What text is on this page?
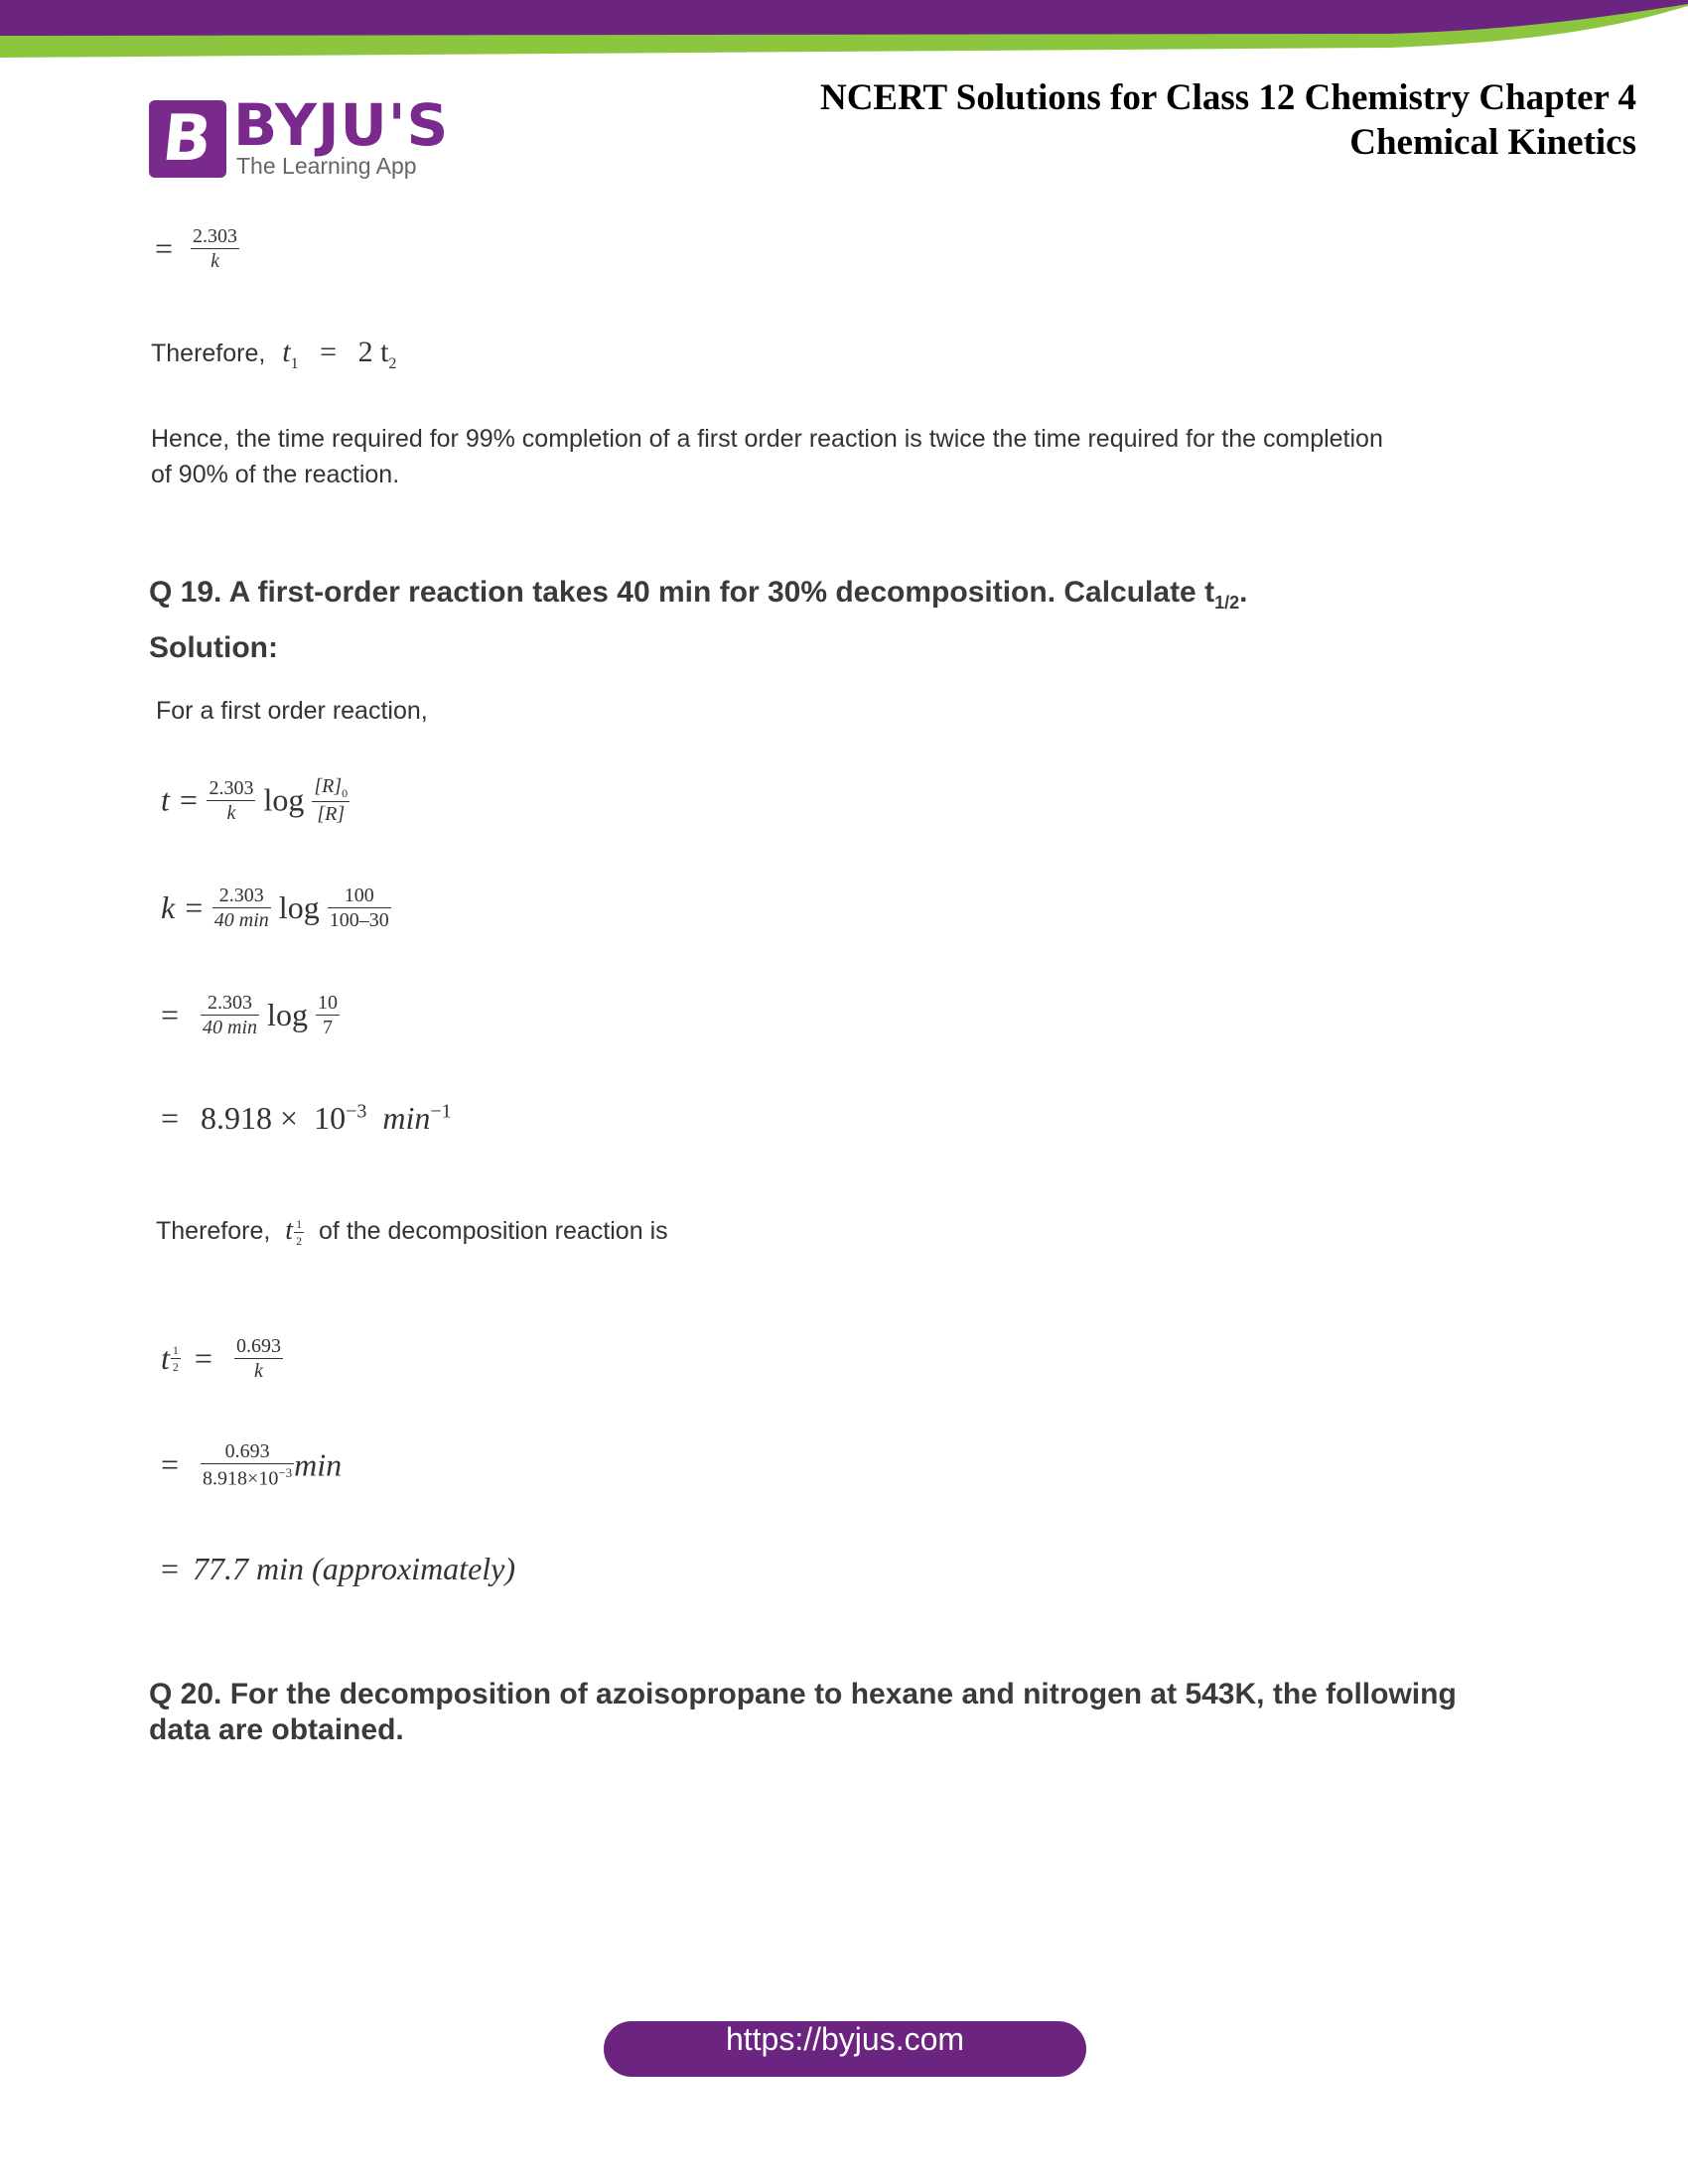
B BYJU'S
The Learning App
NCERT Solutions for Class 12 Chemistry Chapter 4
Chemical Kinetics
= $\frac{2.303}{k}$
Therefore, $t_1 = 2$ $t_2$
Hence, the time required for 99% completion of a first order reaction is twice the time required for the completion
of 90% of the reaction.
Q 19. A first-order reaction takes 40 min for 30% decomposition. Calculate $t_{1/2}$.
Solution:
For a first order reaction,
$t = \frac{2.303}{k}$ $\log \frac{[R]_0}{[R]}$
$k = \frac{2.303}{40 \min}$ $\log \frac{100}{100-30}$
= $\frac{2.303}{40 \min}$ $\log \frac{10}{7}$
= $8.918 \times 10^{-3}$ $\min^{-1}$
Therefore, t $\frac{1}{2}$ of the decomposition reaction is
t $\frac{1}{2} = \frac{0.693}{k}$
= $\frac{0.693}{8.918\times 10^{-3}}$ min
= 77.7 min (approximately)
Q 20. For the decomposition of azoisopropane to hexane and nitrogen at 543K, the following
data are obtained.
https://byjus.com
